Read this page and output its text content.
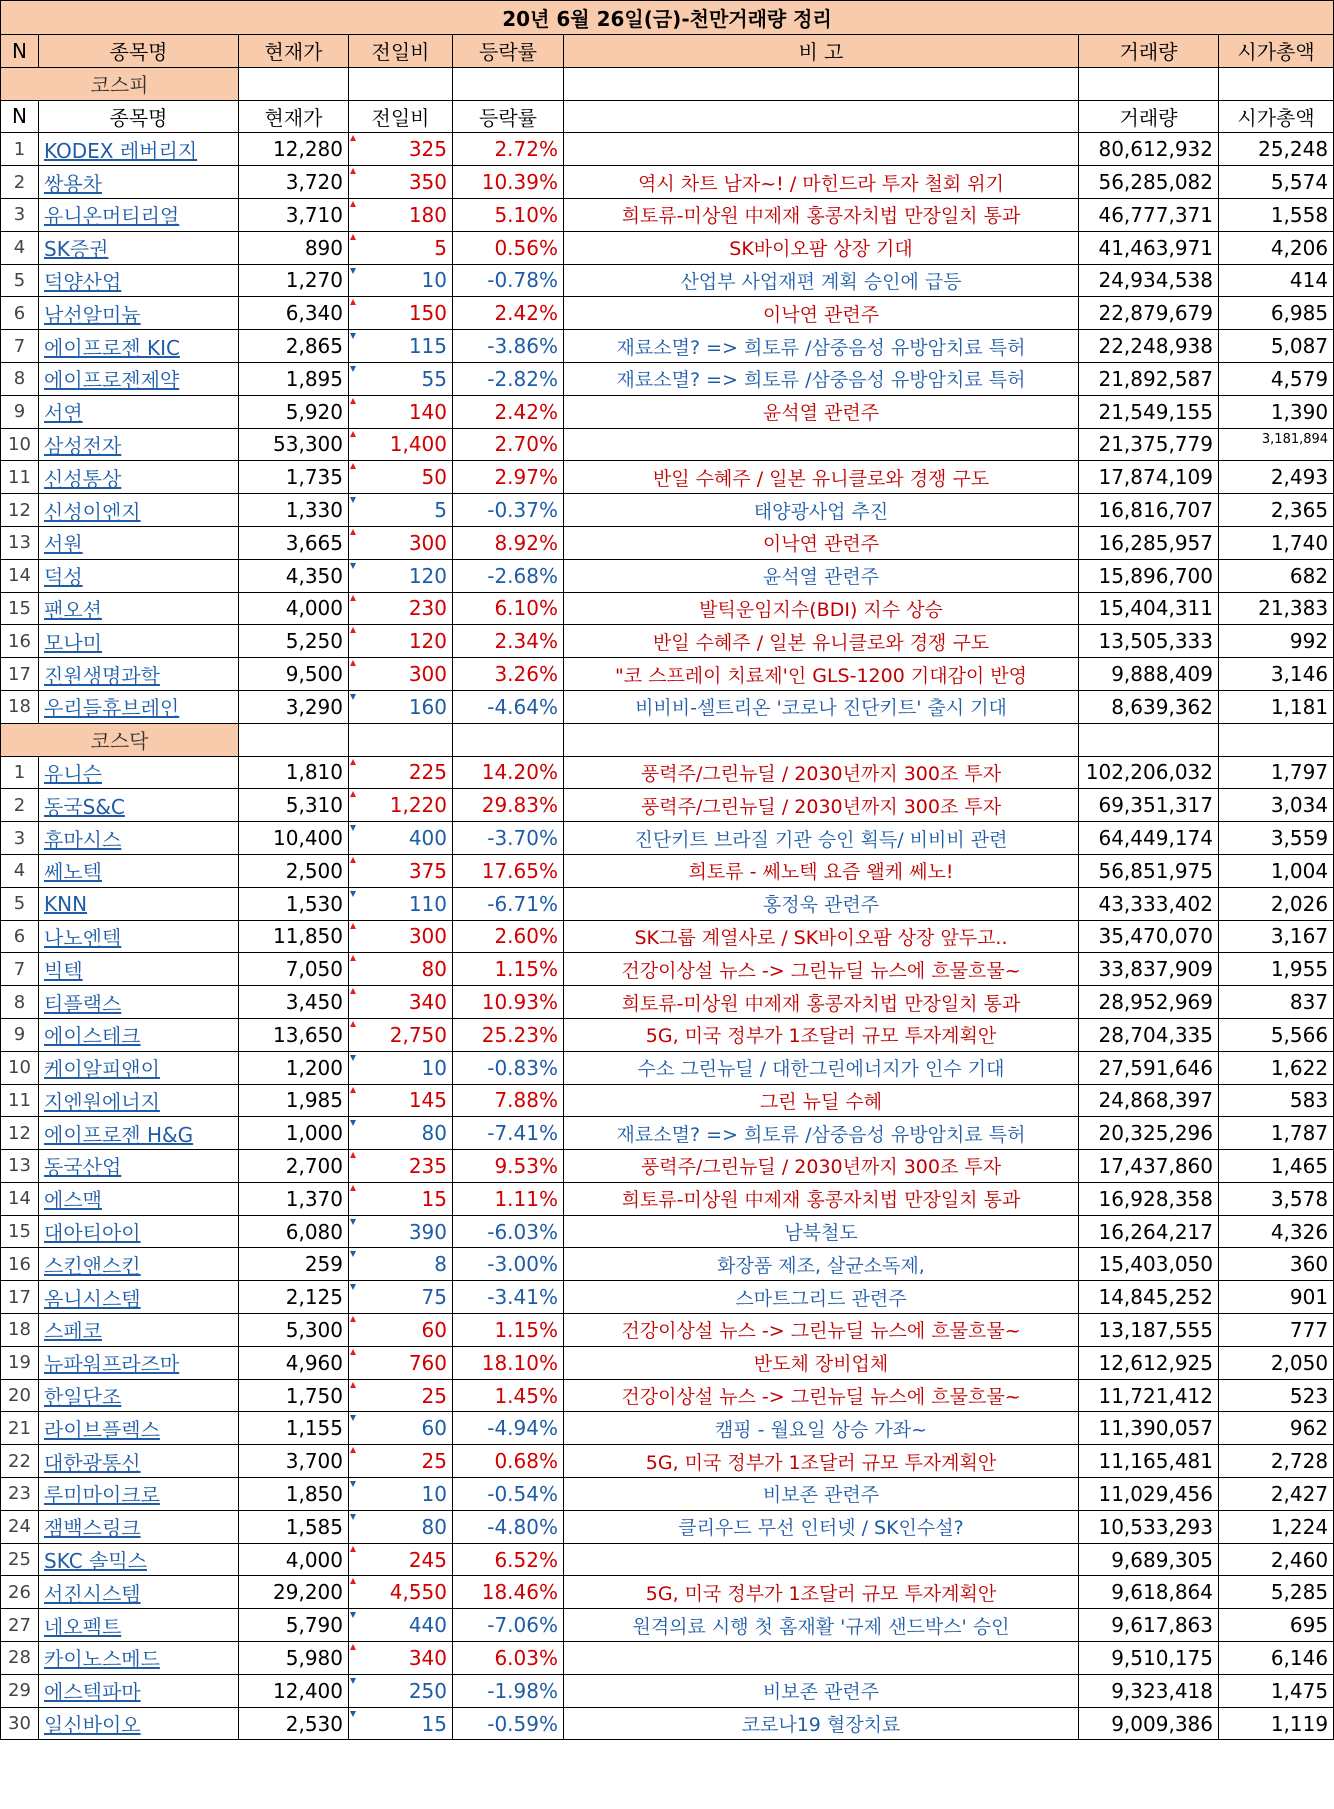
20년 6월 26일(금)-천만거래량 정리							
N	종목명	현재가	전일비	등락률	비 고	거래량	시가총액
코스피							
N	종목명	현재가	전일비	등락률		거래량	시가총액
1	KODEX 레버리지	12,280	325	2.72%		80,612,932	25,248
2	쌍용차	3,720	350	10.39%	역시 차트 남자~! / 마힌드라 투자 철회 위기	56,285,082	5,574
3	유니온머티리얼	3,710	180	5.10%	희토류-미상원 中제재 홍콩자치법 만장일치 통과	46,777,371	1,558
4	SK증권	890	5	0.56%	SK바이오팜 상장 기대	41,463,971	4,206
5	덕양산업	1,270	10	-0.78%	산업부 사업재편 계획 승인에 급등	24,934,538	414
6	남선알미늄	6,340	150	2.42%	이낙연 관련주	22,879,679	6,985
7	에이프로젠 KIC	2,865	115	-3.86%	재료소멸? => 희토류 /삼중음성 유방암치료 특허	22,248,938	5,087
8	에이프로젠제약	1,895	55	-2.82%	재료소멸? => 희토류 /삼중음성 유방암치료 특허	21,892,587	4,579
9	서연	5,920	140	2.42%	윤석열 관련주	21,549,155	1,390
10	삼성전자	53,300	1,400	2.70%		21,375,779	3,181,894
11	신성통상	1,735	50	2.97%	반일 수혜주 / 일본 유니클로와 경쟁 구도	17,874,109	2,493
12	신성이엔지	1,330	5	-0.37%	태양광사업 추진	16,816,707	2,365
13	서원	3,665	300	8.92%	이낙연 관련주	16,285,957	1,740
14	덕성	4,350	120	-2.68%	윤석열 관련주	15,896,700	682
15	팬오션	4,000	230	6.10%	발틱운임지수(BDI) 지수 상승	15,404,311	21,383
16	모나미	5,250	120	2.34%	반일 수혜주 / 일본 유니클로와 경쟁 구도	13,505,333	992
17	진원생명과학	9,500	300	3.26%	"코 스프레이 치료제'인 GLS-1200 기대감이 반영	9,888,409	3,146
18	우리들휴브레인	3,290	160	-4.64%	비비비-셀트리온 '코로나 진단키트' 출시 기대	8,639,362	1,181
코스닥							
1	유니슨	1,810	225	14.20%	풍력주/그린뉴딜 / 2030년까지 300조 투자	102,206,032	1,797
2	동국S&C	5,310	1,220	29.83%	풍력주/그린뉴딜 / 2030년까지 300조 투자	69,351,317	3,034
3	휴마시스	10,400	400	-3.70%	진단키트 브라질 기관 승인 획득/ 비비비 관련	64,449,174	3,559
4	쎄노텍	2,500	375	17.65%	희토류 - 쎄노텍 요즘 왤케 쎄노!	56,851,975	1,004
5	KNN	1,530	110	-6.71%	홍정욱 관련주	43,333,402	2,026
6	나노엔텍	11,850	300	2.60%	SK그룹 계열사로 / SK바이오팜 상장 앞두고..	35,470,070	3,167
7	빅텍	7,050	80	1.15%	건강이상설 뉴스 -> 그린뉴딜 뉴스에 흐물흐물~	33,837,909	1,955
8	티플랙스	3,450	340	10.93%	희토류-미상원 中제재 홍콩자치법 만장일치 통과	28,952,969	837
9	에이스테크	13,650	2,750	25.23%	5G, 미국 정부가 1조달러 규모 투자계획안	28,704,335	5,566
10	케이알피앤이	1,200	10	-0.83%	수소 그린뉴딜 / 대한그린에너지가 인수 기대	27,591,646	1,622
11	지엔원에너지	1,985	145	7.88%	그린 뉴딜 수혜	24,868,397	583
12	에이프로젠 H&G	1,000	80	-7.41%	재료소멸? => 희토류 /삼중음성 유방암치료 특허	20,325,296	1,787
13	동국산업	2,700	235	9.53%	풍력주/그린뉴딜 / 2030년까지 300조 투자	17,437,860	1,465
14	에스맥	1,370	15	1.11%	희토류-미상원 中제재 홍콩자치법 만장일치 통과	16,928,358	3,578
15	대아티아이	6,080	390	-6.03%	남북철도	16,264,217	4,326
16	스킨앤스킨	259	8	-3.00%	화장품 제조, 살균소독제,	15,403,050	360
17	옴니시스템	2,125	75	-3.41%	스마트그리드 관련주	14,845,252	901
18	스페코	5,300	60	1.15%	건강이상설 뉴스 -> 그린뉴딜 뉴스에 흐물흐물~	13,187,555	777
19	뉴파워프라즈마	4,960	760	18.10%	반도체 장비업체	12,612,925	2,050
20	한일단조	1,750	25	1.45%	건강이상설 뉴스 -> 그린뉴딜 뉴스에 흐물흐물~	11,721,412	523
21	라이브플렉스	1,155	60	-4.94%	캠핑 - 월요일 상승 가좌~	11,390,057	962
22	대한광통신	3,700	25	0.68%	5G, 미국 정부가 1조달러 규모 투자계획안	11,165,481	2,728
23	루미마이크로	1,850	10	-0.54%	비보존 관련주	11,029,456	2,427
24	잼백스링크	1,585	80	-4.80%	클리우드 무선 인터넷 / SK인수설?	10,533,293	1,224
25	SKC 솔믹스	4,000	245	6.52%		9,689,305	2,460
26	서진시스템	29,200	4,550	18.46%	5G, 미국 정부가 1조달러 규모 투자계획안	9,618,864	5,285
27	네오펙트	5,790	440	-7.06%	원격의료 시행 첫 홈재활 '규제 샌드박스' 승인	9,617,863	695
28	카이노스메드	5,980	340	6.03%		9,510,175	6,146
29	에스텍파마	12,400	250	-1.98%	비보존 관련주	9,323,418	1,475
30	일신바이오	2,530	15	-0.59%	코로나19 혈장치료	9,009,386	1,119
